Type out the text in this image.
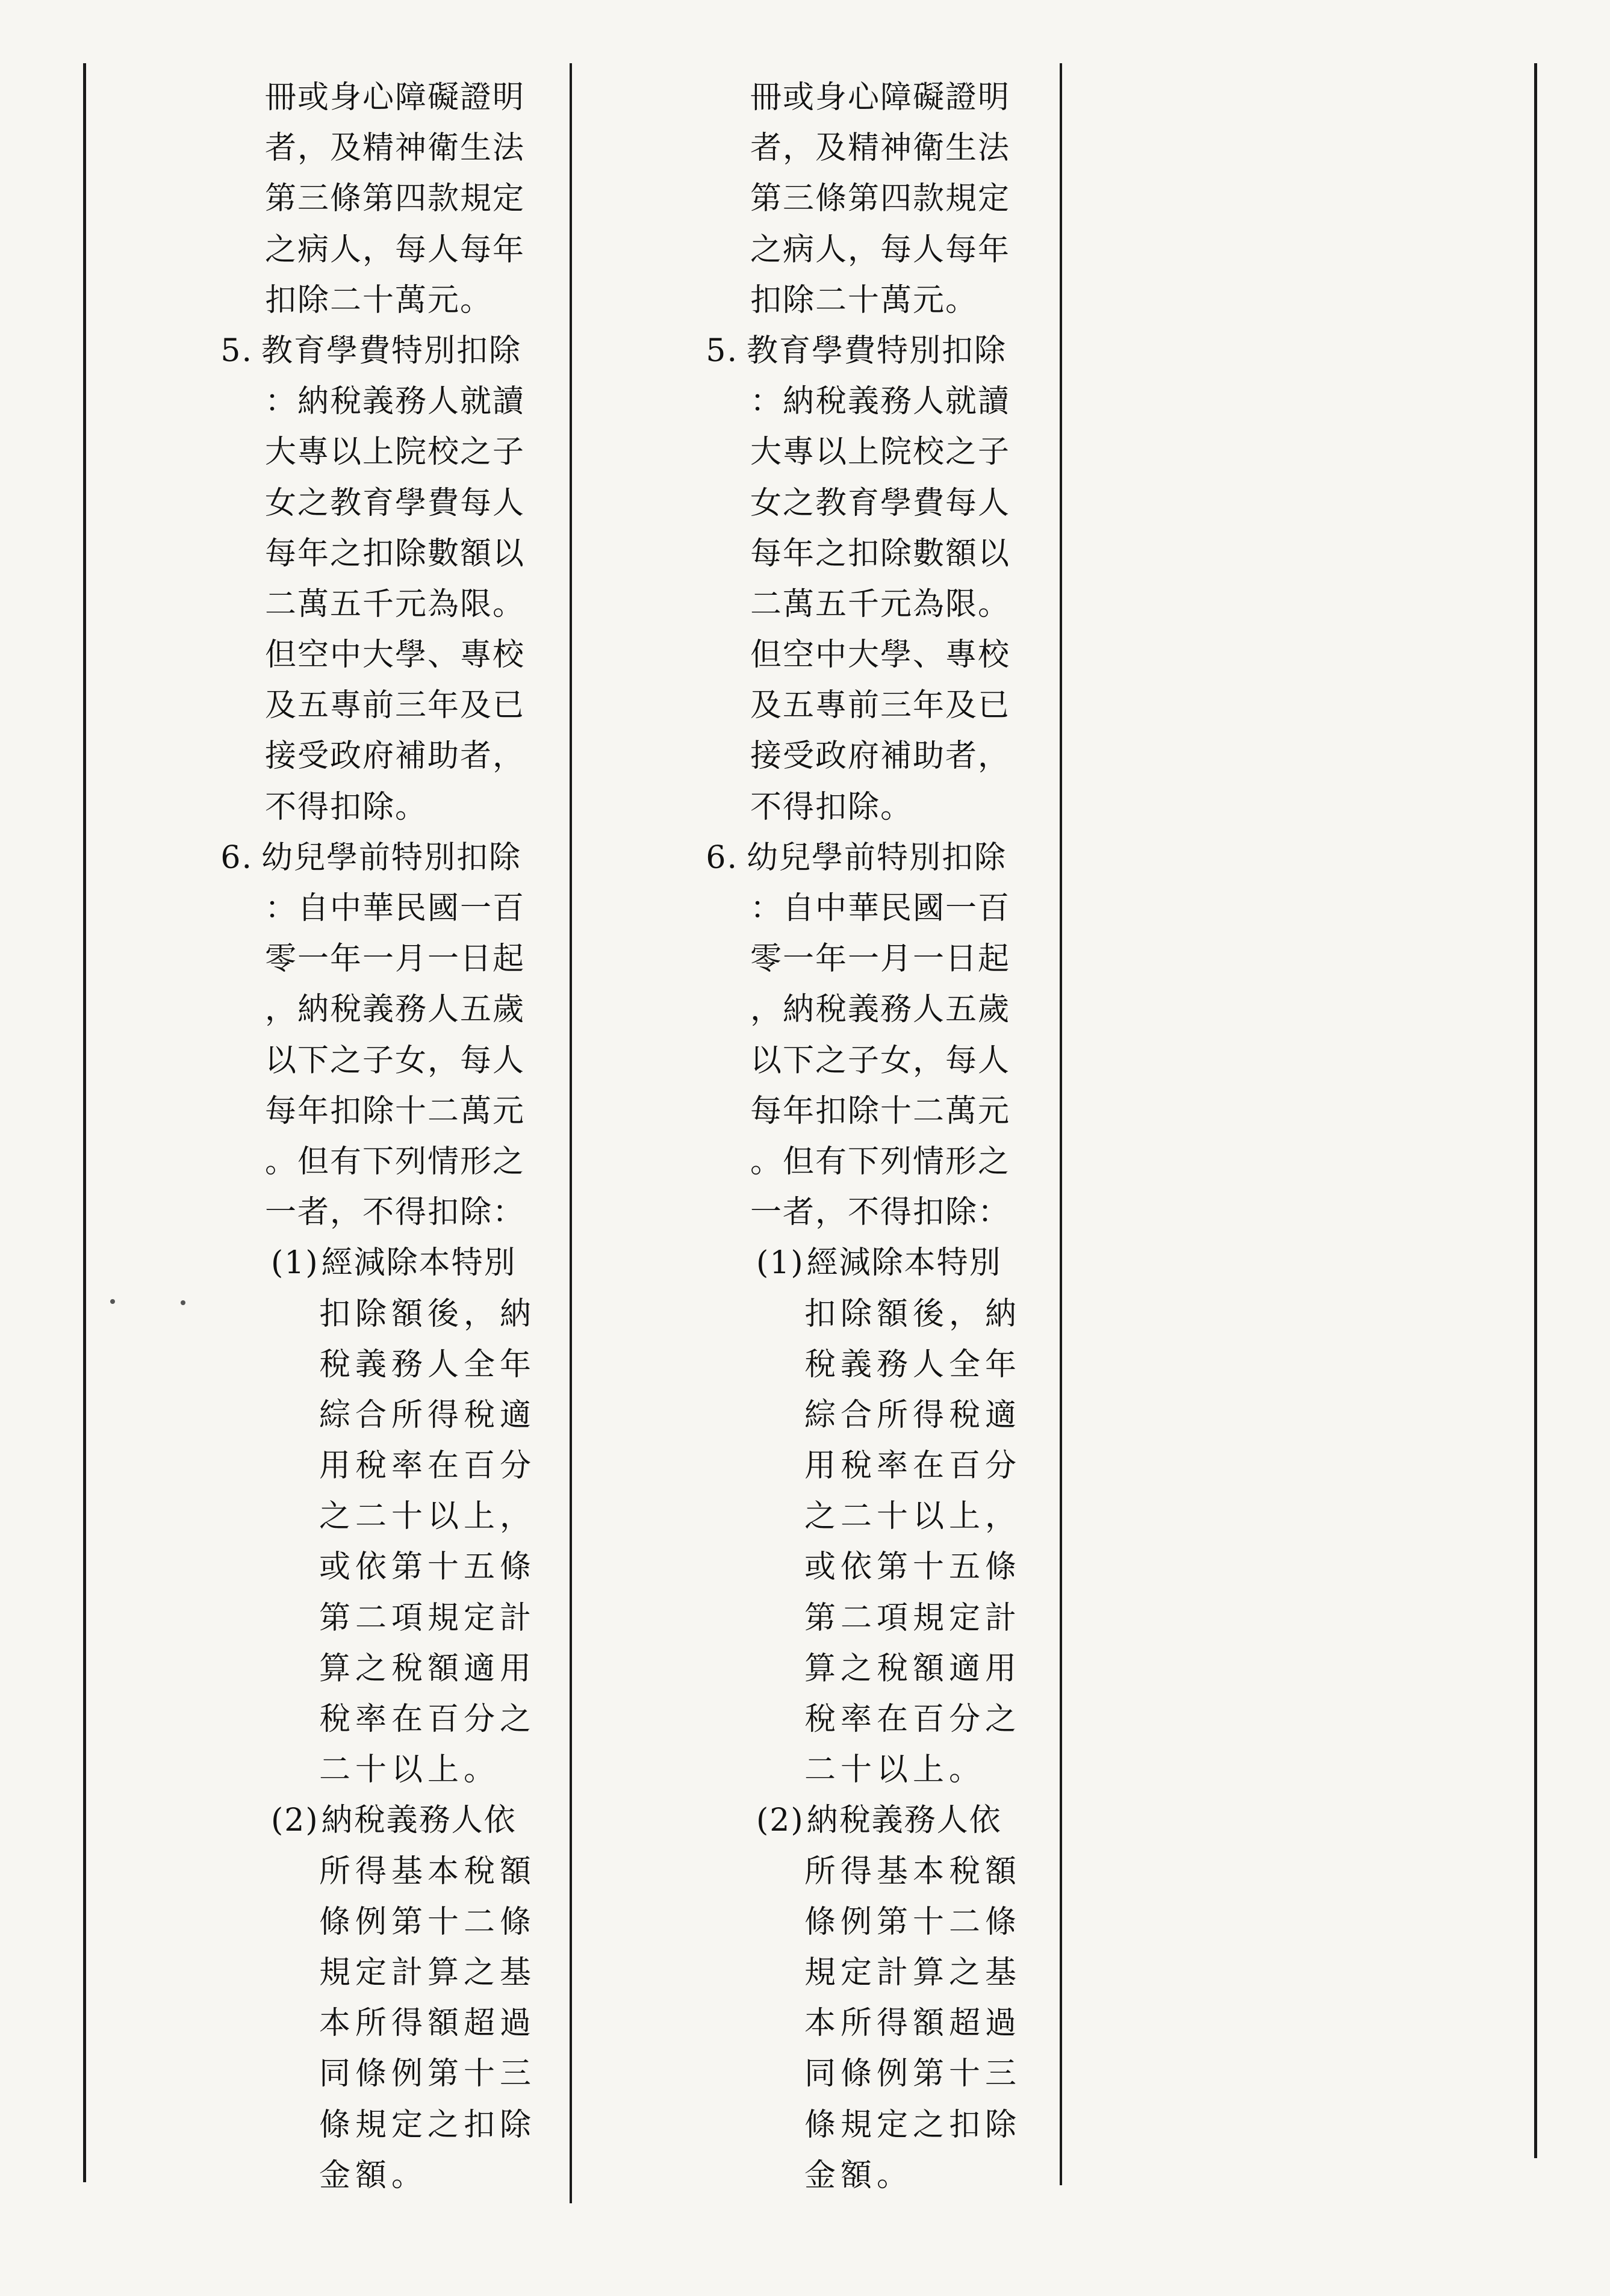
冊或身心障礙證明
者，及精神衛生法
第三條第四款規定
之病人，每人每年
扣除二十萬元。
5. 教育學費特別扣除
：納稅義務人就讀
大專以上院校之子
女之教育學費每人
每年之扣除數額以
二萬五千元為限。
但空中大學、專校
及五專前三年及已
接受政府補助者，
不得扣除。
6. 幼兒學前特別扣除
：自中華民國一百
零一年一月一日起
，納稅義務人五歲
以下之子女，每人
每年扣除十二萬元
。但有下列情形之
一者，不得扣除：
(1)經減除本特別
扣除額後，納
稅義務人全年
綜合所得稅適
用稅率在百分
之二十以上，
或依第十五條
第二項規定計
算之稅額適用
稅率在百分之
二十以上。
(2)納稅義務人依
所得基本稅額
條例第十二條
規定計算之基
本所得額超過
同條例第十三
條規定之扣除
金額。
冊或身心障礙證明
者，及精神衛生法
第三條第四款規定
之病人，每人每年
扣除二十萬元。
5. 教育學費特別扣除
：納稅義務人就讀
大專以上院校之子
女之教育學費每人
每年之扣除數額以
二萬五千元為限。
但空中大學、專校
及五專前三年及已
接受政府補助者，
不得扣除。
6. 幼兒學前特別扣除
：自中華民國一百
零一年一月一日起
，納稅義務人五歲
以下之子女，每人
每年扣除十二萬元
。但有下列情形之
一者，不得扣除：
(1)經減除本特別
扣除額後，納
稅義務人全年
綜合所得稅適
用稅率在百分
之二十以上，
或依第十五條
第二項規定計
算之稅額適用
稅率在百分之
二十以上。
(2)納稅義務人依
所得基本稅額
條例第十二條
規定計算之基
本所得額超過
同條例第十三
條規定之扣除
金額。
